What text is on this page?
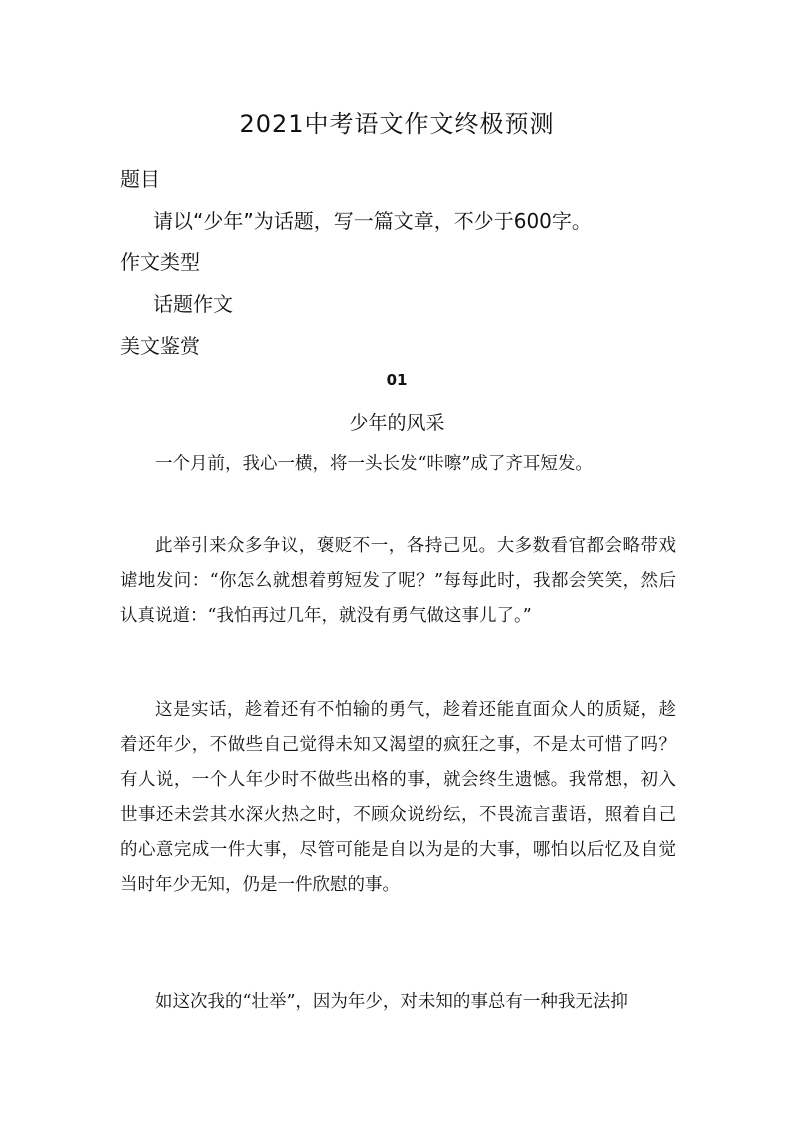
2021中考语文作文终极预测
题目
请以“少年”为话题，写一篇文章，不少于600字。
作文类型
话题作文
美文鉴赏
01
少年的风采

一个月前，我心一横，将一头长发“咔嚓”成了齐耳短发。

此举引来众多争议，褒贬不一，各持己见。大多数看官都会略带戏谑地发问：“你怎么就想着剪短发了呢？”每每此时，我都会笑笑，然后认真说道：“我怕再过几年，就没有勇气做这事儿了。”

这是实话，趁着还有不怕输的勇气，趁着还能直面众人的质疑，趁着还年少，不做些自己觉得未知又渴望的疯狂之事，不是太可惜了吗？有人说，一个人年少时不做些出格的事，就会终生遗憾。我常想，初入世事还未尝其水深火热之时，不顾众说纷纭，不畏流言蜚语，照着自己的心意完成一件大事，尽管可能是自以为是的大事，哪怕以后忆及自觉当时年少无知，仍是一件欣慰的事。

如这次我的“壮举”，因为年少，对未知的事总有一种我无法抑
